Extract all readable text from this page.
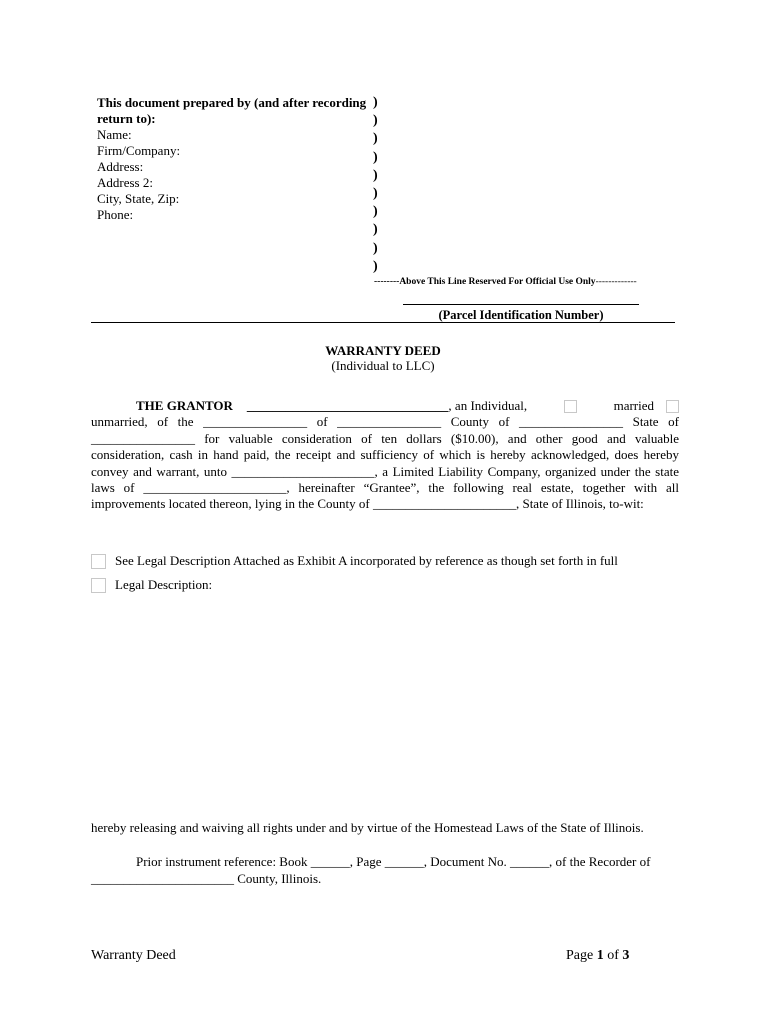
This document prepared by (and after recording return to):
Name:
Firm/Company:
Address:
Address 2:
City, State, Zip:
Phone:
)
)
)
)
)
)
)
)
)
)
--------Above This Line Reserved For Official Use Only-------------
(Parcel Identification Number)
WARRANTY DEED
(Individual to LLC)
THE GRANTOR _______________________________ , an Individual,	married

unmarried, of the ________________ of ________________ County of ________________ State of ________________ for valuable consideration of ten dollars ($10.00), and other good and valuable consideration, cash in hand paid, the receipt and sufficiency of which is hereby acknowledged, does hereby convey and warrant, unto ______________________, a Limited Liability Company, organized under the state laws of ______________________, hereinafter “Grantee”, the following real estate, together with all improvements located thereon, lying in the County of ______________________, State of Illinois, to-wit:

See Legal Description Attached as Exhibit A incorporated by reference as though set forth in full
Legal Description:
hereby releasing and waiving all rights under and by virtue of the Homestead Laws of the State of Illinois.
Prior instrument reference: Book ______, Page ______, Document No. ______, of the Recorder of
______________________ County, Illinois.
Warranty Deed	Page 1 of 3
